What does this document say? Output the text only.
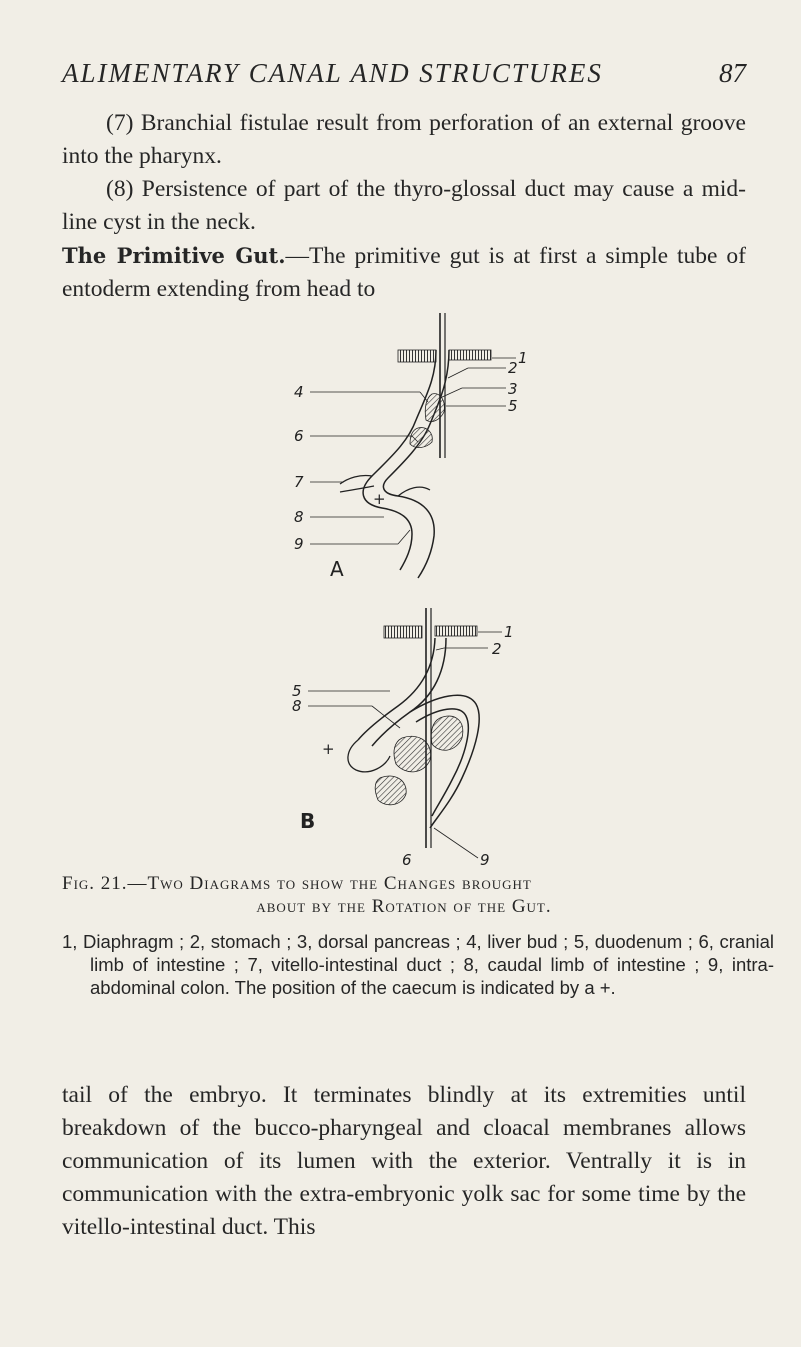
ALIMENTARY CANAL AND STRUCTURES	87

(7) Branchial fistulae result from perforation of an external groove into the pharynx.

(8) Persistence of part of the thyro-glossal duct may cause a mid-line cyst in the neck.

The Primitive Gut.—The primitive gut is at first a simple tube of entoderm extending from head to

+
4
6
7
8
9
1
2
3
5
A
+
1
2
5
8
6	9
B

Fig. 21.—Two Diagrams to show the Changes brought
about by the Rotation of the Gut.

1, Diaphragm ; 2, stomach ; 3, dorsal pancreas ; 4, liver bud ; 5, duodenum ; 6, cranial limb of intestine ; 7, vitello-intestinal duct ; 8, caudal limb of intestine ; 9, intra-abdominal colon. The position of the caecum is indicated by a +.

tail of the embryo. It terminates blindly at its extremities until breakdown of the bucco-pharyngeal and cloacal membranes allows communication of its lumen with the exterior. Ventrally it is in communication with the extra-embryonic yolk sac for some time by the vitello-intestinal duct. This
